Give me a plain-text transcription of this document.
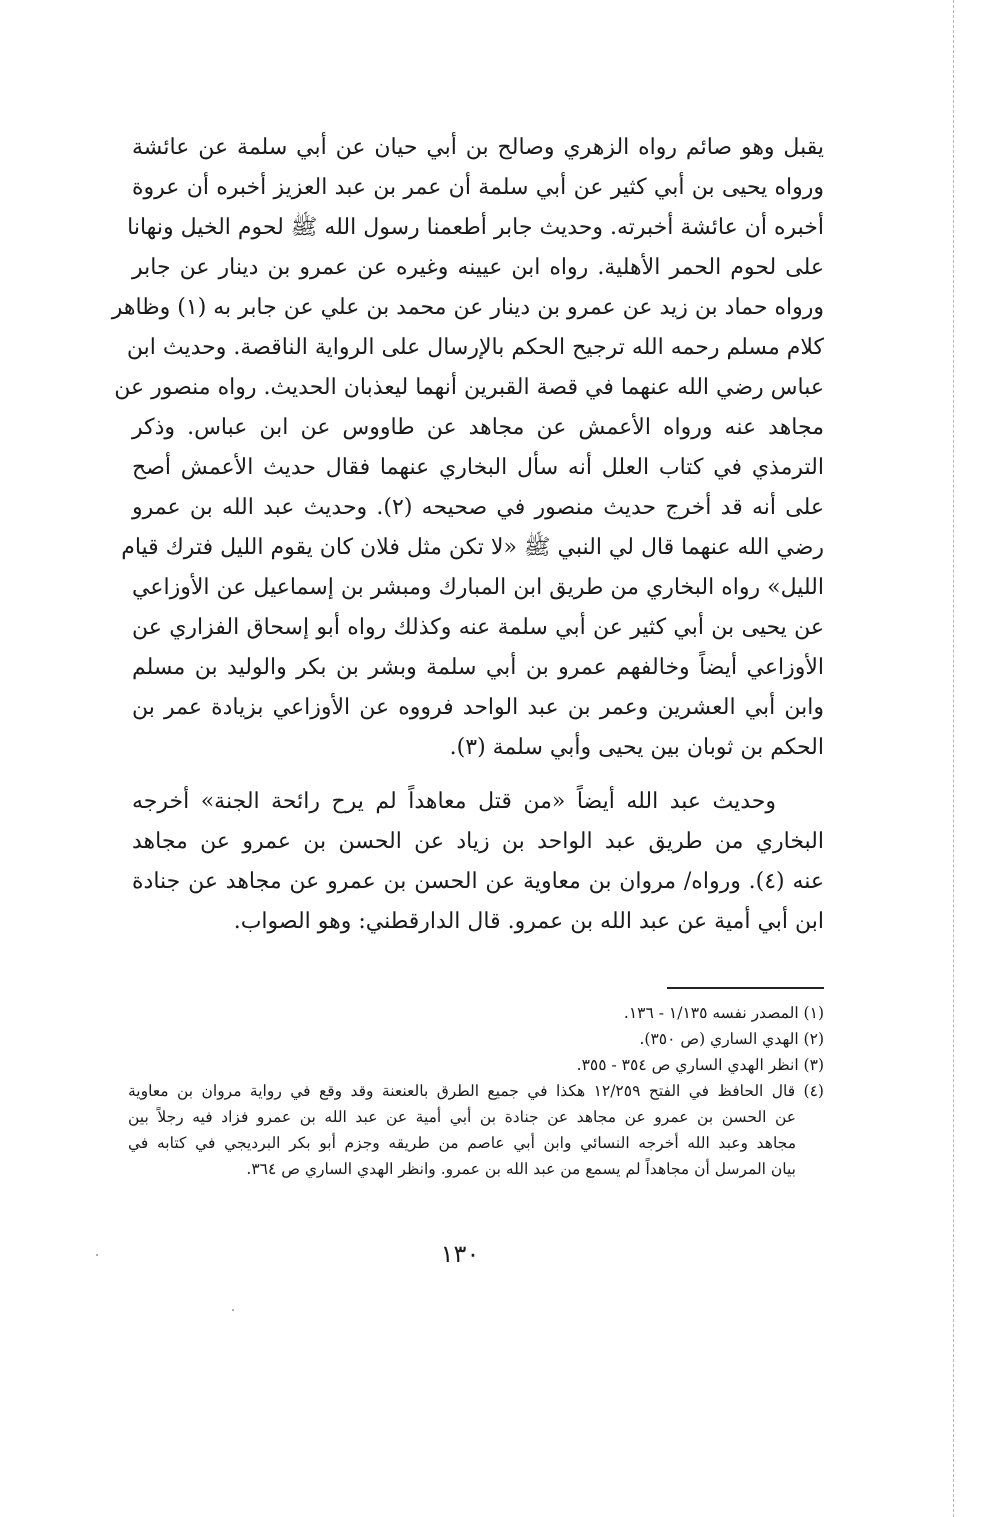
يقبل وهو صائم رواه الزهري وصالح بن أبي حيان عن أبي سلمة عن عائشة
ورواه يحيى بن أبي كثير عن أبي سلمة أن عمر بن عبد العزيز أخبره أن عروة
أخبره أن عائشة أخبرته. وحديث جابر أطعمنا رسول الله ﷺ لحوم الخيل ونهانا
على لحوم الحمر الأهلية. رواه ابن عيينه وغيره عن عمرو بن دينار عن جابر
ورواه حماد بن زيد عن عمرو بن دينار عن محمد بن علي عن جابر به (١) وظاهر
كلام مسلم رحمه الله ترجيح الحكم بالإرسال على الرواية الناقصة. وحديث ابن
عباس رضي الله عنهما في قصة القبرين أنهما ليعذبان الحديث. رواه منصور عن
مجاهد عنه ورواه الأعمش عن مجاهد عن طاووس عن ابن عباس. وذكر
الترمذي في كتاب العلل أنه سأل البخاري عنهما فقال حديث الأعمش أصح
على أنه قد أخرج حديث منصور في صحيحه (٢). وحديث عبد الله بن عمرو
رضي الله عنهما قال لي النبي ﷺ «لا تكن مثل فلان كان يقوم الليل فترك قيام
الليل» رواه البخاري من طريق ابن المبارك ومبشر بن إسماعيل عن الأوزاعي
عن يحيى بن أبي كثير عن أبي سلمة عنه وكذلك رواه أبو إسحاق الفزاري عن
الأوزاعي أيضاً وخالفهم عمرو بن أبي سلمة وبشر بن بكر والوليد بن مسلم
وابن أبي العشرين وعمر بن عبد الواحد فرووه عن الأوزاعي بزيادة عمر بن
الحكم بن ثوبان بين يحيى وأبي سلمة (٣).
وحديث عبد الله أيضاً «من قتل معاهداً لم يرح رائحة الجنة» أخرجه
البخاري من طريق عبد الواحد بن زياد عن الحسن بن عمرو عن مجاهد
عنه (٤). ورواه/ مروان بن معاوية عن الحسن بن عمرو عن مجاهد عن جنادة
ابن أبي أمية عن عبد الله بن عمرو. قال الدارقطني: وهو الصواب.
(١) المصدر نفسه ١/١٣٥ - ١٣٦.
(٢) الهدي الساري (ص ٣٥٠).
(٣) انظر الهدي الساري ص ٣٥٤ - ٣٥٥.
(٤) قال الحافظ في الفتح ١٢/٢٥٩ هكذا في جميع الطرق بالعنعنة وقد وقع في رواية مروان بن معاوية
عن الحسن بن عمرو عن مجاهد عن جنادة بن أبي أمية عن عبد الله بن عمرو فزاد فيه رجلاً بين
مجاهد وعبد الله أخرجه النسائي وابن أبي عاصم من طريقه وجزم أبو بكر البرديجي في كتابه في
بيان المرسل أن مجاهداً لم يسمع من عبد الله بن عمرو. وانظر الهدي الساري ص ٣٦٤.
١٣٠
